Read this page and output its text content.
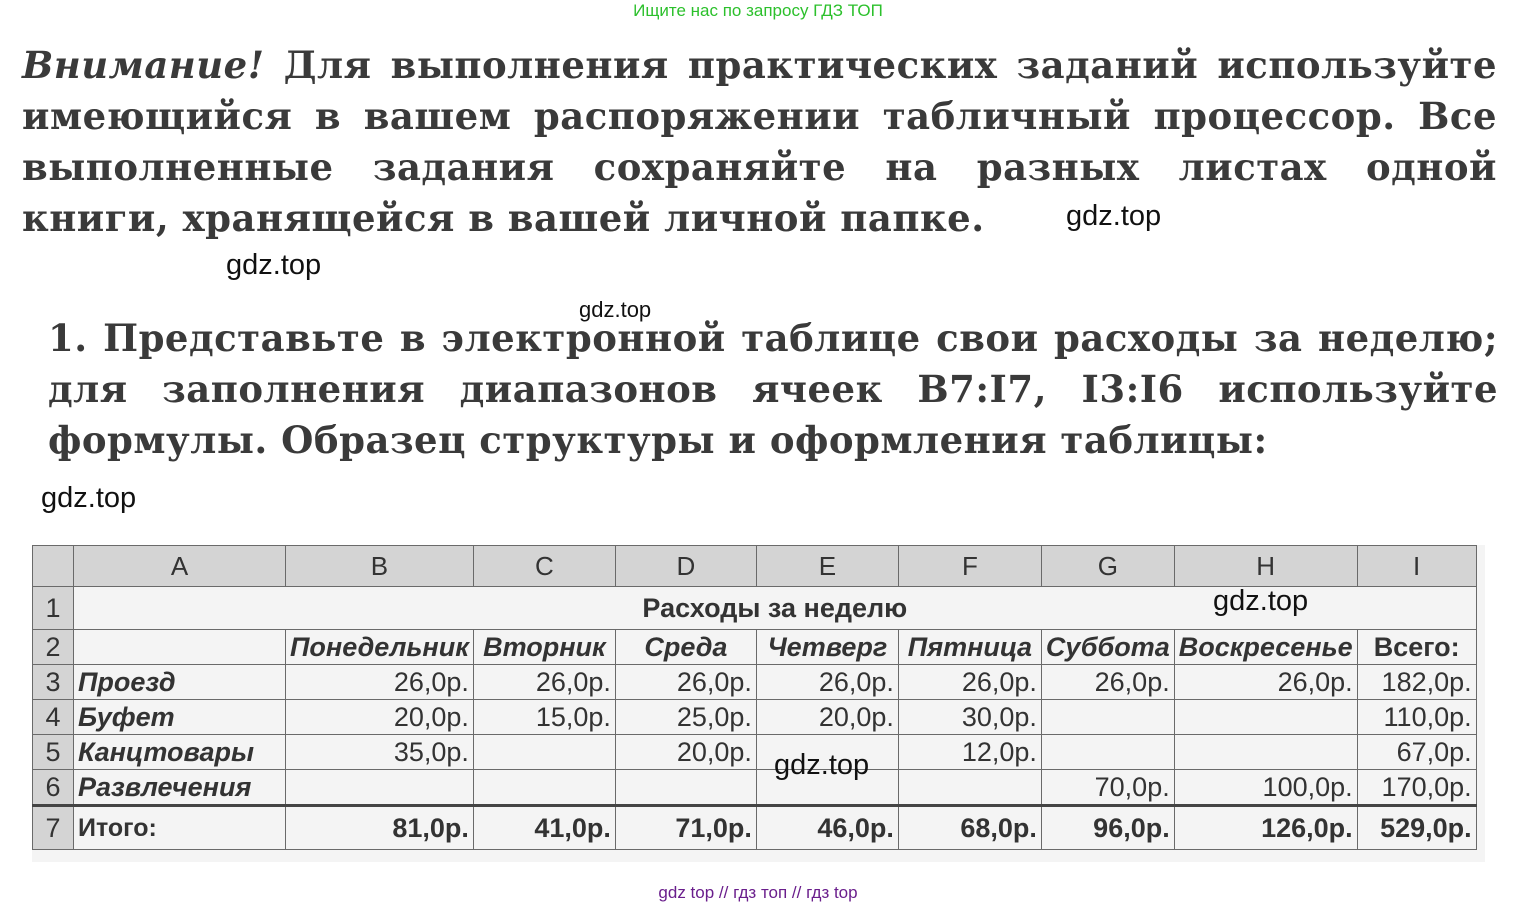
Ищите нас по запросу ГДЗ ТОП
Внимание! Для выполнения практических заданий используйте имеющийся в вашем распоряжении табличный процессор. Все выполненные задания сохраняйте на разных листах одной книги, хранящейся в вашей личной папке.
1. Представьте в электронной таблице свои расходы за неделю; для заполнения диапазонов ячеек B7:I7, I3:I6 используйте формулы. Образец структуры и оформления таблицы:
gdz.top
gdz.top
gdz.top
gdz.top
	A	B	C	D	E	F	G	H	I
1	Расходы за неделю								
2		Понедельник	Вторник	Среда	Четверг	Пятница	Суббота	Воскресенье	Всего:
3	Проезд	26,0р.	26,0р.	26,0р.	26,0р.	26,0р.	26,0р.	26,0р.	182,0р.
4	Буфет	20,0р.	15,0р.	25,0р.	20,0р.	30,0р.			110,0р.
5	Канцтовары	35,0р.		20,0р.		12,0р.			67,0р.
6	Развлечения						70,0р.	100,0р.	170,0р.
7	Итого:	81,0р.	41,0р.	71,0р.	46,0р.	68,0р.	96,0р.	126,0р.	529,0р.
gdz.top
gdz.top
gdz top // гдз топ // гдз top
